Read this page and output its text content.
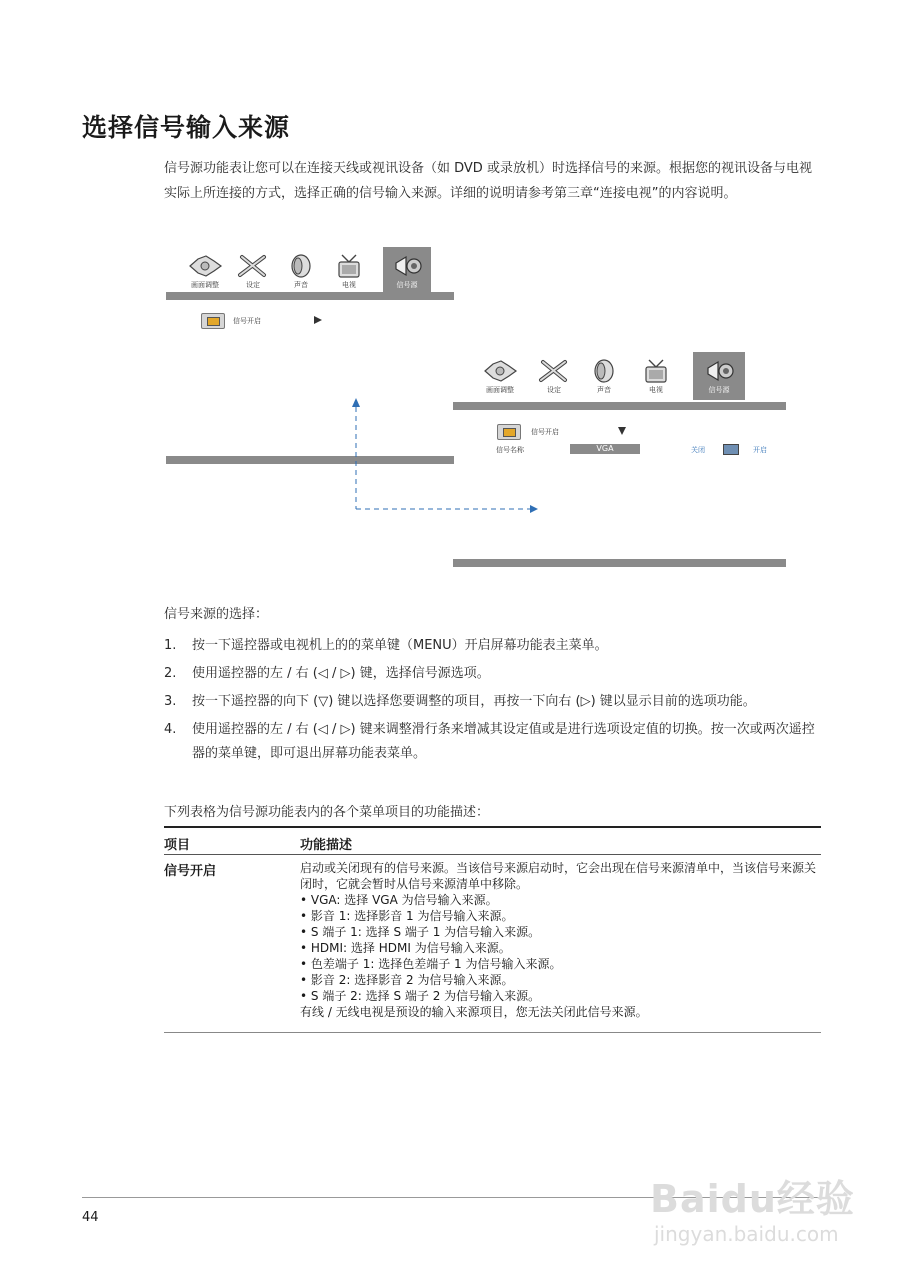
选择信号输入来源

信号源功能表让您可以在连接天线或视讯设备（如 DVD 或录放机）时选择信号的来源。根据您的视讯设备与电视实际上所连接的方式，选择正确的信号输入来源。详细的说明请参考第三章“连接电视”的内容说明。

画面调整	设定	声音	电视	信号源
信号开启
画面调整	设定	声音	电视	信号源
信号开启
信号名称	VGA	关闭	开启

信号来源的选择：

1. 按一下遥控器或电视机上的的菜单键（MENU）开启屏幕功能表主菜单。
2. 使用遥控器的左 / 右 (◁ / ▷) 键，选择信号源选项。
3. 按一下遥控器的向下 (▽) 键以选择您要调整的项目，再按一下向右 (▷) 键以显示目前的选项功能。
4. 使用遥控器的左 / 右 (◁ / ▷) 键来调整滑行条来增减其设定值或是进行选项设定值的切换。按一次或两次遥控器的菜单键，即可退出屏幕功能表菜单。

下列表格为信号源功能表内的各个菜单项目的功能描述：

项目	功能描述
信号开启	启动或关闭现有的信号来源。当该信号来源启动时，它会出现在信号来源清单中，当该信号来源关闭时，它就会暂时从信号来源清单中移除。
• VGA: 选择 VGA 为信号输入来源。
• 影音 1: 选择影音 1 为信号输入来源。
• S 端子 1: 选择 S 端子 1 为信号输入来源。
• HDMI: 选择 HDMI 为信号输入来源。
• 色差端子 1: 选择色差端子 1 为信号输入来源。
• 影音 2: 选择影音 2 为信号输入来源。
• S 端子 2: 选择 S 端子 2 为信号输入来源。
有线 / 无线电视是预设的输入来源项目，您无法关闭此信号来源。
44	Baidu经验
jingyan.baidu.com
